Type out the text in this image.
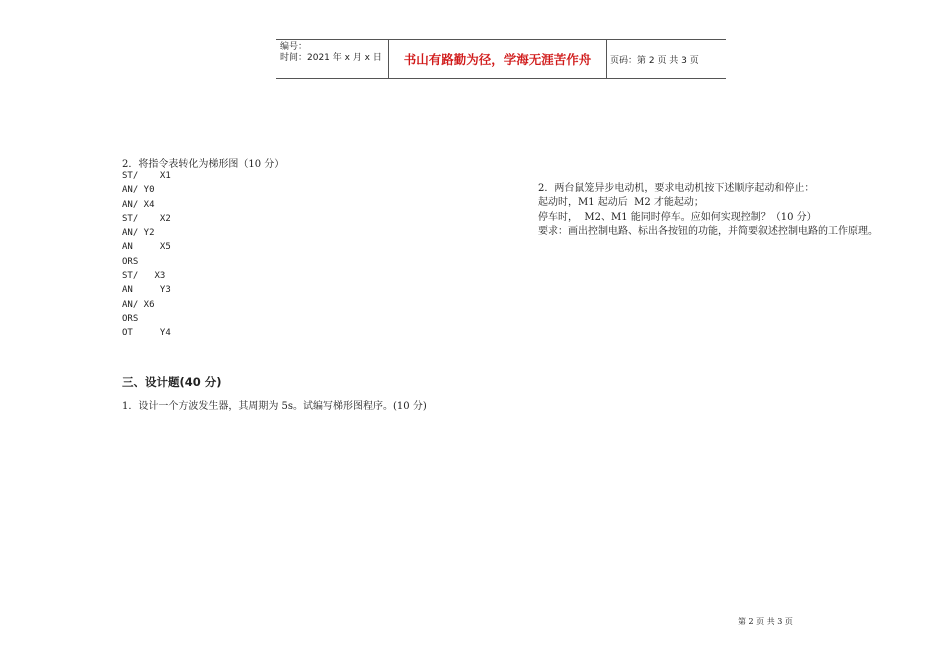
编号：
时间：2021 年 x 月 x 日	书山有路勤为径，学海无涯苦作舟	页码：第 2 页 共 3 页
2．将指令表转化为梯形图（10 分）
ST/    X1
AN/ Y0
AN/ X4
ST/    X2
AN/ Y2
AN     X5
ORS
ST/   X3
AN     Y3
AN/ X6
ORS
OT     Y4
2．两台鼠笼异步电动机，要求电动机按下述顺序起动和停止：
起动时，M1 起动后  M2 才能起动；
停车时，  M2、M1 能同时停车。应如何实现控制？（10 分）
要求：画出控制电路、标出各按钮的功能，并简要叙述控制电路的工作原理。
三、设计题(40 分)
1．设计一个方波发生器，其周期为 5s。试编写梯形图程序。(10 分)
第 2 页 共 3 页
